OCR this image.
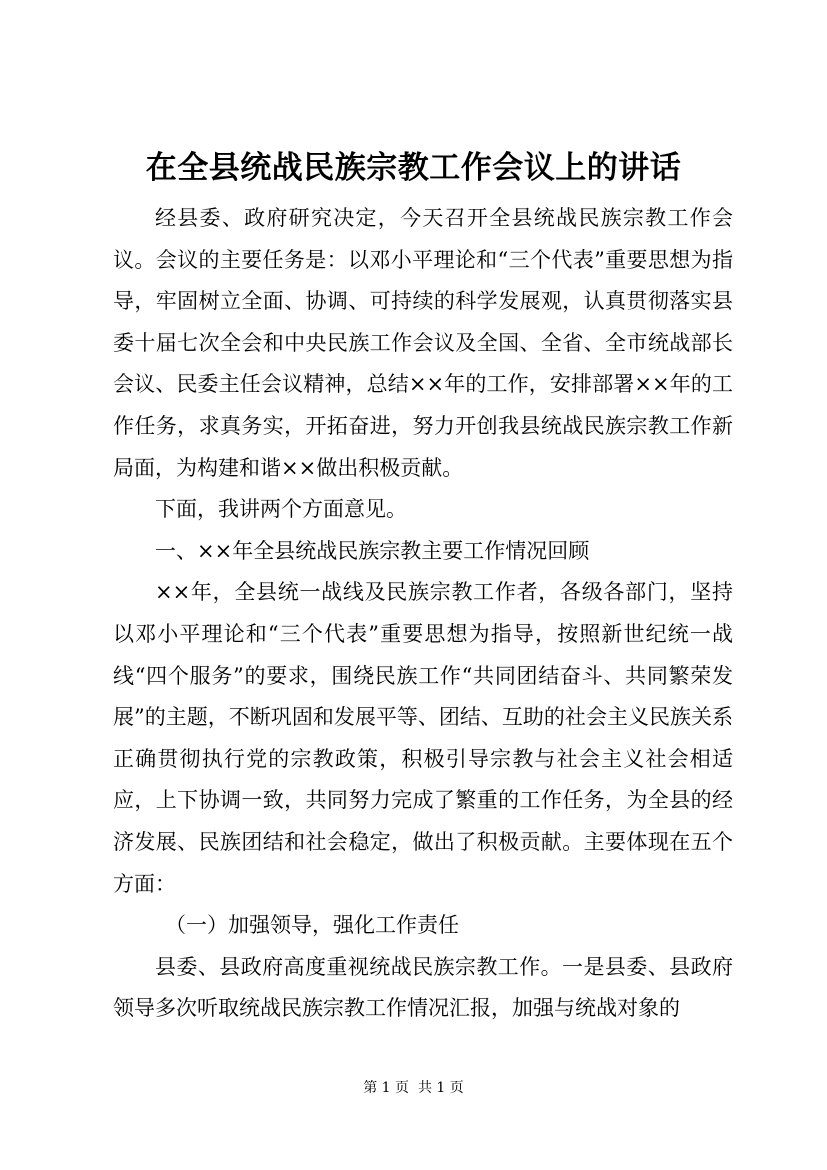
在全县统战民族宗教工作会议上的讲话

经县委、政府研究决定，今天召开全县统战民族宗教工作会议。会议的主要任务是：以邓小平理论和“三个代表”重要思想为指导，牢固树立全面、协调、可持续的科学发展观，认真贯彻落实县委十届七次全会和中央民族工作会议及全国、全省、全市统战部长会议、民委主任会议精神，总结××年的工作，安排部署××年的工作任务，求真务实，开拓奋进，努力开创我县统战民族宗教工作新局面，为构建和谐××做出积极贡献。

下面，我讲两个方面意见。

一、××年全县统战民族宗教主要工作情况回顾

××年，全县统一战线及民族宗教工作者，各级各部门，坚持以邓小平理论和“三个代表”重要思想为指导，按照新世纪统一战线“四个服务”的要求，围绕民族工作“共同团结奋斗、共同繁荣发展”的主题，不断巩固和发展平等、团结、互助的社会主义民族关系正确贯彻执行党的宗教政策，积极引导宗教与社会主义社会相适应，上下协调一致，共同努力完成了繁重的工作任务，为全县的经济发展、民族团结和社会稳定，做出了积极贡献。主要体现在五个方面：

（一）加强领导，强化工作责任

县委、县政府高度重视统战民族宗教工作。一是县委、县政府领导多次听取统战民族宗教工作情况汇报，加强与统战对象的

第 1 页  共 1 页
